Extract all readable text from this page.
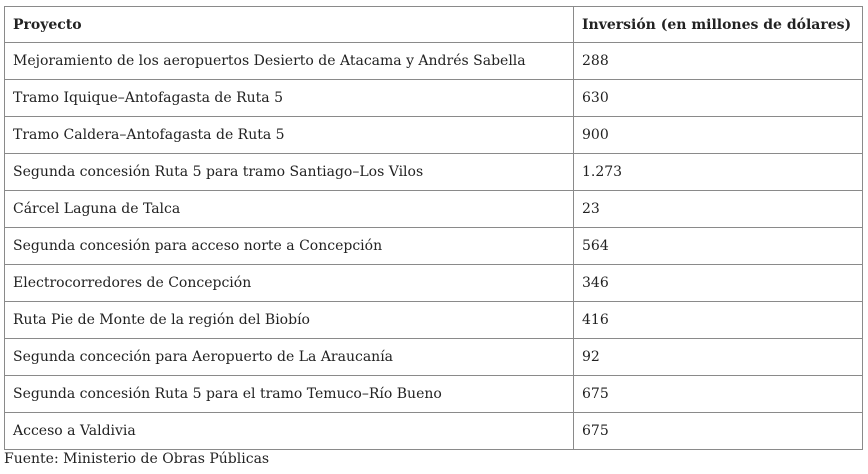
Proyecto	Inversión (en millones de dólares)
Mejoramiento de los aeropuertos Desierto de Atacama y Andrés Sabella	288
Tramo Iquique–Antofagasta de Ruta 5	630
Tramo Caldera–Antofagasta de Ruta 5	900
Segunda concesión Ruta 5 para tramo Santiago–Los Vilos	1.273
Cárcel Laguna de Talca	23
Segunda concesión para acceso norte a Concepción	564
Electrocorredores de Concepción	346
Ruta Pie de Monte de la región del Biobío	416
Segunda conceción para Aeropuerto de La Araucanía	92
Segunda concesión Ruta 5 para el tramo Temuco–Río Bueno	675
Acceso a Valdivia	675
Fuente: Ministerio de Obras Públicas
